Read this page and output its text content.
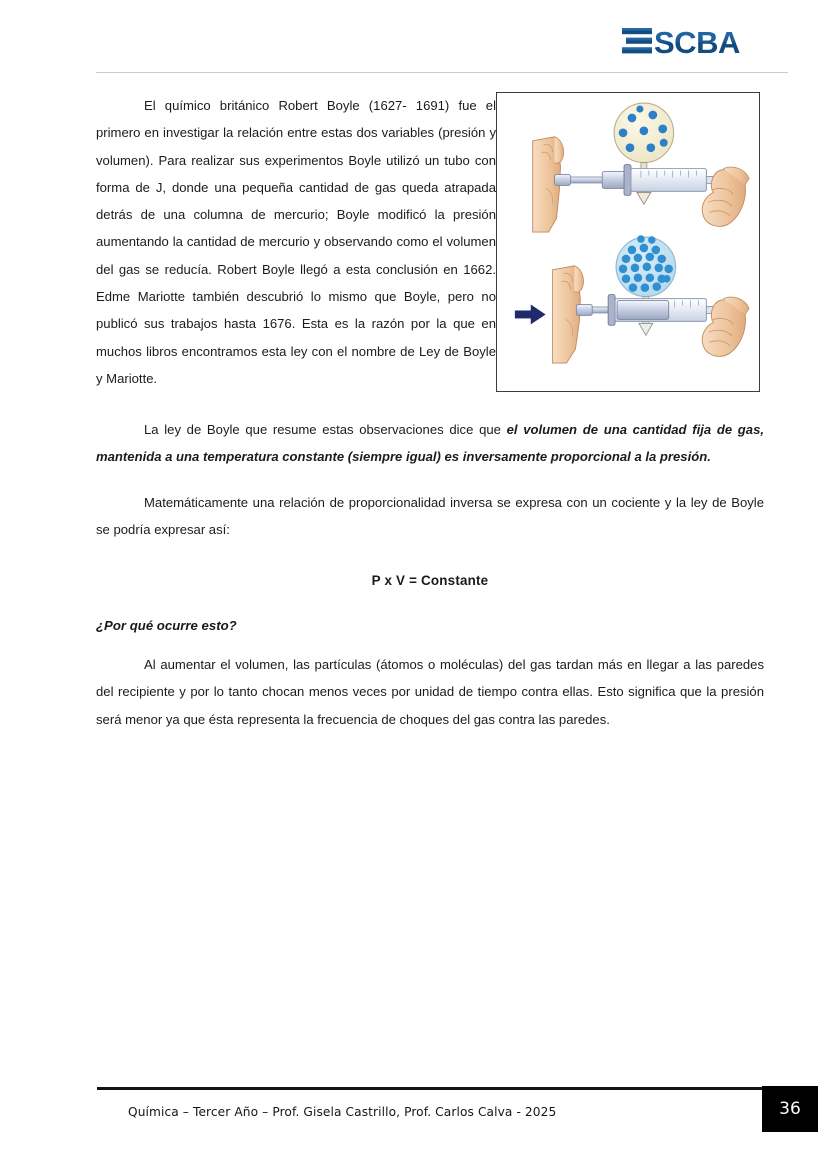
SCBA

El químico británico Robert Boyle (1627- 1691) fue el primero en investigar la relación entre estas dos variables (presión y volumen). Para realizar sus experimentos Boyle utilizó un tubo con forma de J, donde una pequeña cantidad de gas queda atrapada detrás de una columna de mercurio; Boyle modificó la presión aumentando la cantidad de mercurio y observando como el volumen del gas se reducía. Robert Boyle llegó a esta conclusión en 1662. Edme Mariotte también descubrió lo mismo que Boyle, pero no publicó sus trabajos hasta 1676. Esta es la razón por la que en muchos libros encontramos esta ley con el nombre de Ley de Boyle y Mariotte.

La ley de Boyle que resume estas observaciones dice que el volumen de una cantidad fija de gas, mantenida a una temperatura constante (siempre igual) es inversamente proporcional a la presión.

Matemáticamente una relación de proporcionalidad inversa se expresa con un cociente y la ley de Boyle se podría expresar así:

P x V = Constante

¿Por qué ocurre esto?

Al aumentar el volumen, las partículas (átomos o moléculas) del gas tardan más en llegar a las paredes del recipiente y por lo tanto chocan menos veces por unidad de tiempo contra ellas. Esto significa que la presión será menor ya que ésta representa la frecuencia de choques del gas contra las paredes.

Química – Tercer Año – Prof. Gisela Castrillo, Prof. Carlos Calva - 2025	36
